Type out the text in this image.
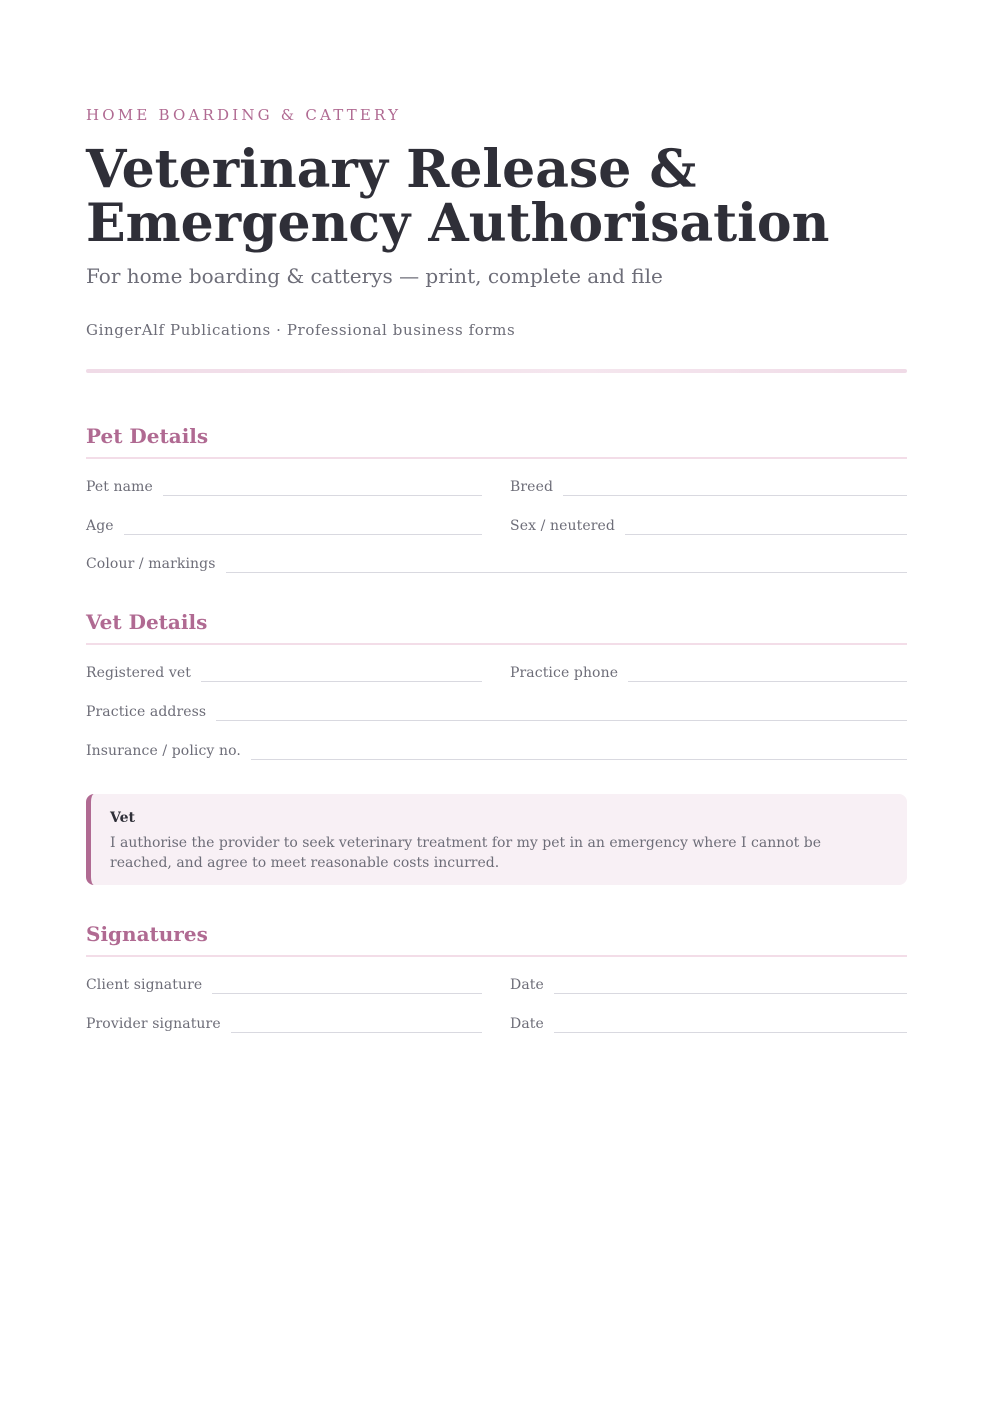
HOME BOARDING & CATTERY
Veterinary Release &
Emergency Authorisation
For home boarding & catterys — print, complete and file
GingerAlf Publications · Professional business forms
Pet Details
Pet name	Breed
Age	Sex / neutered
Colour / markings
Vet Details
Registered vet	Practice phone
Practice address
Insurance / policy no.
Vet
I authorise the provider to seek veterinary treatment for my pet in an emergency where I cannot be reached, and agree to meet reasonable costs incurred.
Signatures
Client signature	Date
Provider signature	Date
